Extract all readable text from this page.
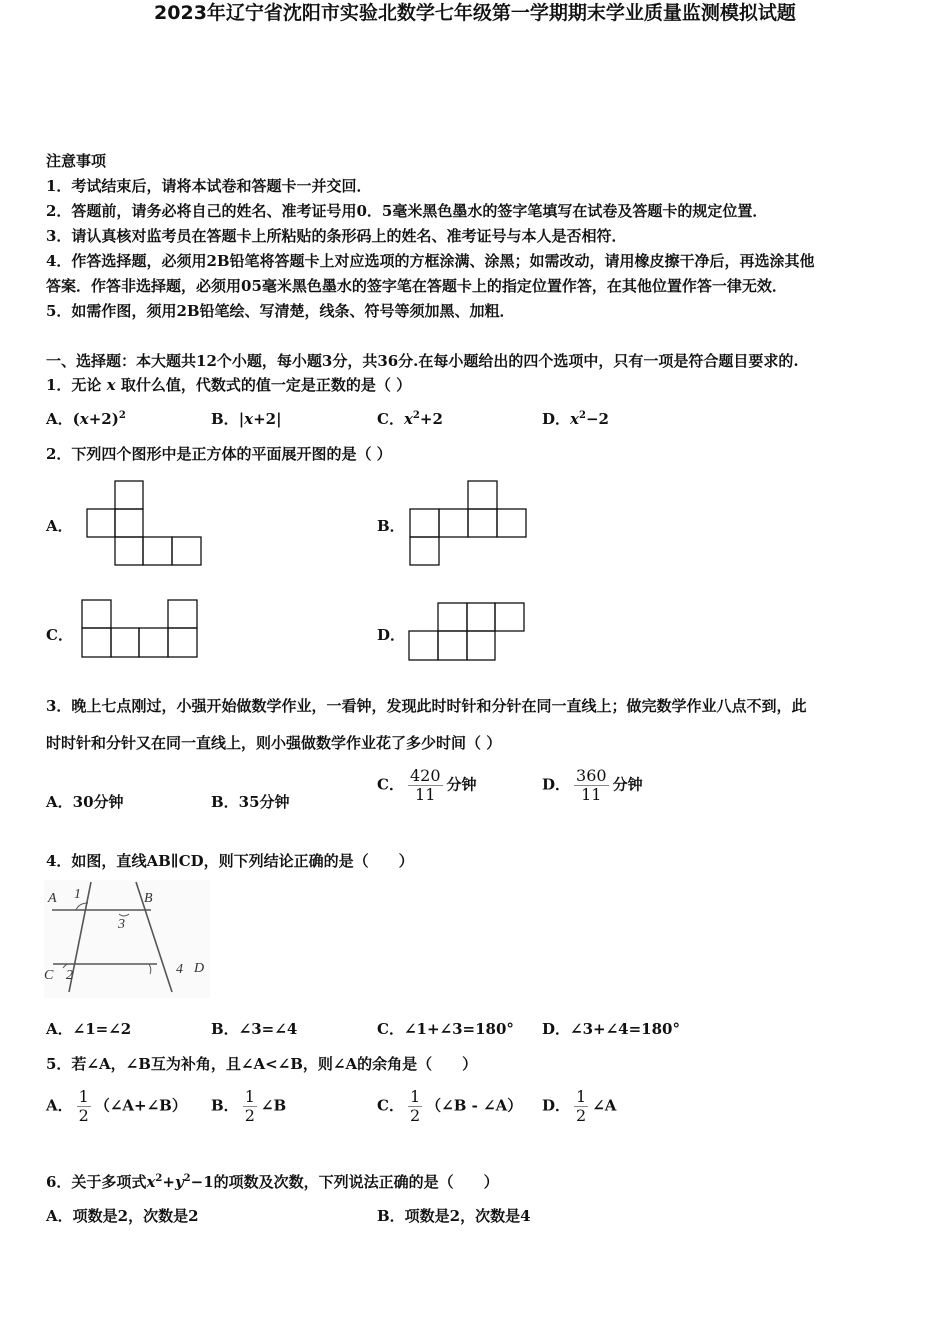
2023年辽宁省沈阳市实验北数学七年级第一学期期末学业质量监测模拟试题
注意事项
1．考试结束后，请将本试卷和答题卡一并交回．
2．答题前，请务必将自己的姓名、准考证号用0．5毫米黑色墨水的签字笔填写在试卷及答题卡的规定位置．
3．请认真核对监考员在答题卡上所粘贴的条形码上的姓名、准考证号与本人是否相符．
4．作答选择题，必须用2B铅笔将答题卡上对应选项的方框涂满、涂黑；如需改动，请用橡皮擦干净后，再选涂其他
答案．作答非选择题，必须用05毫米黑色墨水的签字笔在答题卡上的指定位置作答，在其他位置作答一律无效．
5．如需作图，须用2B铅笔绘、写清楚，线条、符号等须加黑、加粗．
一、选择题：本大题共12个小题，每小题3分，共36分.在每小题给出的四个选项中，只有一项是符合题目要求的.
1．无论 x 取什么值，代数式的值一定是正数的是（ ）
A．$(x+2)^2$	B．|x+2|	C．$x^2+2$	D．$x^2-2$
2．下列四个图形中是正方体的平面展开图的是（ ）
A．	B．
C．	D．
3．晚上七点刚过，小强开始做数学作业，一看钟，发现此时时针和分针在同一直线上；做完数学作业八点不到，此
时时针和分针又在同一直线上，则小强做数学作业花了多少时间（ ）
A．30分钟	B．35分钟
C． $\frac{420}{11}$ 分钟	D． $\frac{360}{11}$ 分钟
4．如图，直线AB∥CD，则下列结论正确的是（　　）
A 1	B
3
C 2	4 D
A．∠1=∠2	B．∠3=∠4	C．∠1+∠3=180° D．∠3+∠4=180°
5．若∠A，∠B互为补角，且∠A<∠B，则∠A的余角是（　　）
A． $\frac{1}{2}$ （∠A+∠B） B． $\frac{1}{2}$ ∠B	C． $\frac{1}{2}$ （∠B - ∠A） D． $\frac{1}{2}$ ∠A
6．关于多项式$x^2+y^2-1$的项数及次数，下列说法正确的是（　　）
A．项数是2，次数是2	B．项数是2，次数是4
